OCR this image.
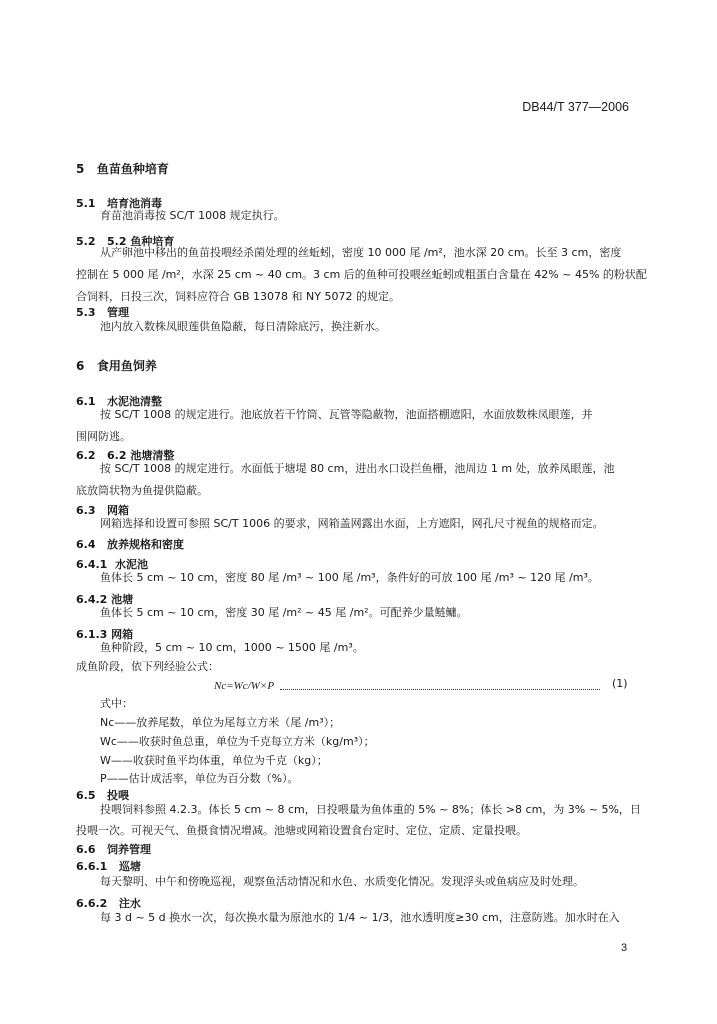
DB44/T 377—2006
5 鱼苗鱼种培育
5.1 培育池消毒
育苗池消毒按 SC/T 1008 规定执行。
5.2 5.2 鱼种培育
从产卵池中移出的鱼苗投喂经杀菌处理的丝蚯蚓，密度 10 000 尾 /m²，池水深 20 cm。长至 3 cm，密度
控制在 5 000 尾 /m²，水深 25 cm ~ 40 cm。3 cm 后的鱼种可投喂丝蚯蚓或粗蛋白含量在 42% ~ 45% 的粉状配
合饲料，日投三次，饲料应符合 GB 13078 和 NY 5072 的规定。
5.3 管理
池内放入数株凤眼莲供鱼隐蔽，每日清除底污，换注新水。
6 食用鱼饲养
6.1 水泥池清整
按 SC/T 1008 的规定进行。池底放若干竹筒、瓦管等隐蔽物，池面搭棚遮阳，水面放数株凤眼莲，并
围网防逃。
6.2 6.2 池塘清整
按 SC/T 1008 的规定进行。水面低于塘堤 80 cm，进出水口设拦鱼栅，池周边 1 m 处，放养凤眼莲，池
底放筒状物为鱼提供隐蔽。
6.3 网箱
网箱选择和设置可参照 SC/T 1006 的要求，网箱盖网露出水面，上方遮阳，网孔尺寸视鱼的规格而定。
6.4 放养规格和密度
6.4.1 水泥池
鱼体长 5 cm ~ 10 cm，密度 80 尾 /m³ ~ 100 尾 /m³，条件好的可放 100 尾 /m³ ~ 120 尾 /m³。
6.4.2 池塘
鱼体长 5 cm ~ 10 cm，密度 30 尾 /m² ~ 45 尾 /m²。可配养少量鲢鳙。
6.1.3 网箱
鱼种阶段，5 cm ~ 10 cm，1000 ~ 1500 尾 /m³。
成鱼阶段，依下列经验公式：
Nc=Wc/W×P	(1)
式中：
Nc——放养尾数，单位为尾每立方米（尾 /m³）；
Wc——收获时鱼总重，单位为千克每立方米（kg/m³）；
W——收获时鱼平均体重，单位为千克（kg）；
P——估计成活率，单位为百分数（%）。
6.5 投喂
投喂饲料参照 4.2.3。体长 5 cm ~ 8 cm，日投喂量为鱼体重的 5% ~ 8%；体长 >8 cm，为 3% ~ 5%，日
投喂一次。可视天气、鱼摄食情况增减。池塘或网箱设置食台定时、定位、定质、定量投喂。
6.6 饲养管理
6.6.1 巡塘
每天黎明、中午和傍晚巡视，观察鱼活动情况和水色、水质变化情况。发现浮头或鱼病应及时处理。
6.6.2 注水
每 3 d ~ 5 d 换水一次，每次换水量为原池水的 1/4 ~ 1/3，池水透明度≥30 cm，注意防逃。加水时在入

3
